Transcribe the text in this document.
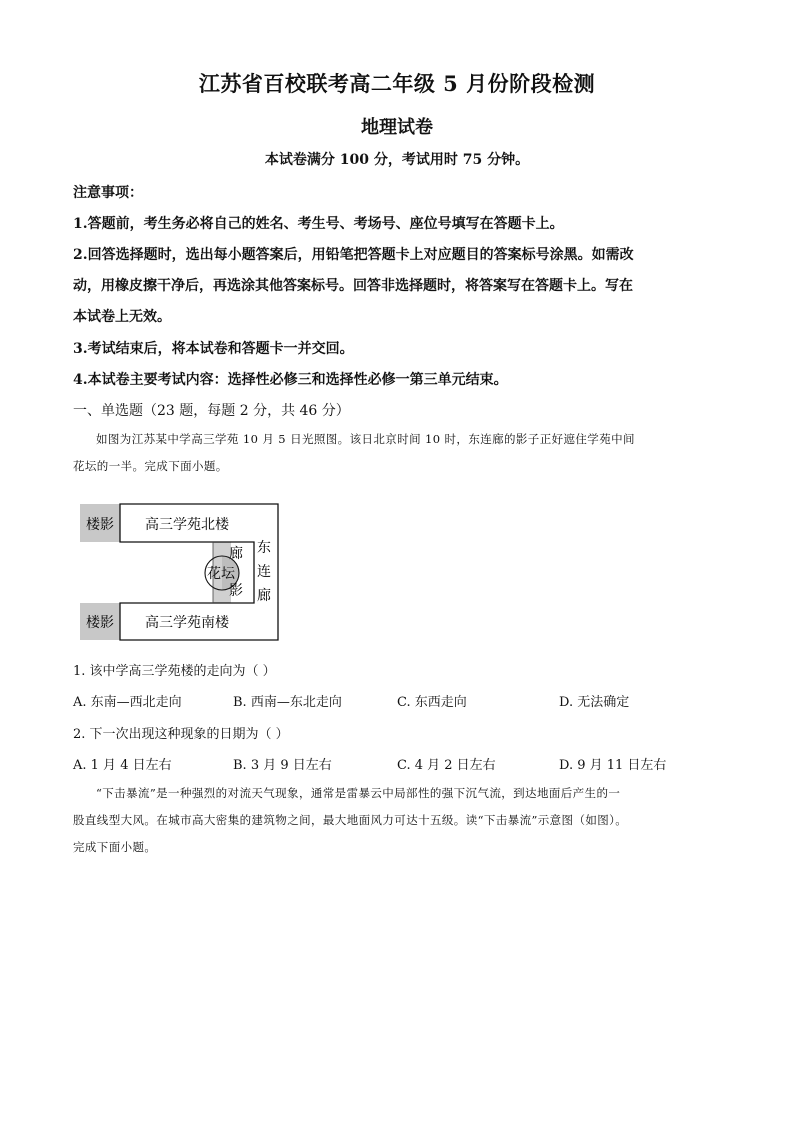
江苏省百校联考高二年级 5 月份阶段检测
地理试卷
本试卷满分 100 分，考试用时 75 分钟。
注意事项：
1.答题前，考生务必将自己的姓名、考生号、考场号、座位号填写在答题卡上。
2.回答选择题时，选出每小题答案后，用铅笔把答题卡上对应题目的答案标号涂黑。如需改
动，用橡皮擦干净后，再选涂其他答案标号。回答非选择题时，将答案写在答题卡上。写在
本试卷上无效。
3.考试结束后，将本试卷和答题卡一并交回。
4.本试卷主要考试内容：选择性必修三和选择性必修一第三单元结束。
一、单选题（23 题，每题 2 分，共 46 分）
如图为江苏某中学高三学苑 10 月 5 日光照图。该日北京时间 10 时，东连廊的影子正好遮住学苑中间
花坛的一半。完成下面小题。
楼影 高三学苑北楼
楼影 高三学苑南楼
花坛
廊
影
东
连
廊
1. 该中学高三学苑楼的走向为（ ）
A. 东南—西北走向	B. 西南—东北走向	C. 东西走向	D. 无法确定
2. 下一次出现这种现象的日期为（ ）
A. 1 月 4 日左右	B. 3 月 9 日左右	C. 4 月 2 日左右	D. 9 月 11 日左右
“下击暴流”是一种强烈的对流天气现象，通常是雷暴云中局部性的强下沉气流，到达地面后产生的一
股直线型大风。在城市高大密集的建筑物之间，最大地面风力可达十五级。读“下击暴流”示意图（如图）。
完成下面小题。
